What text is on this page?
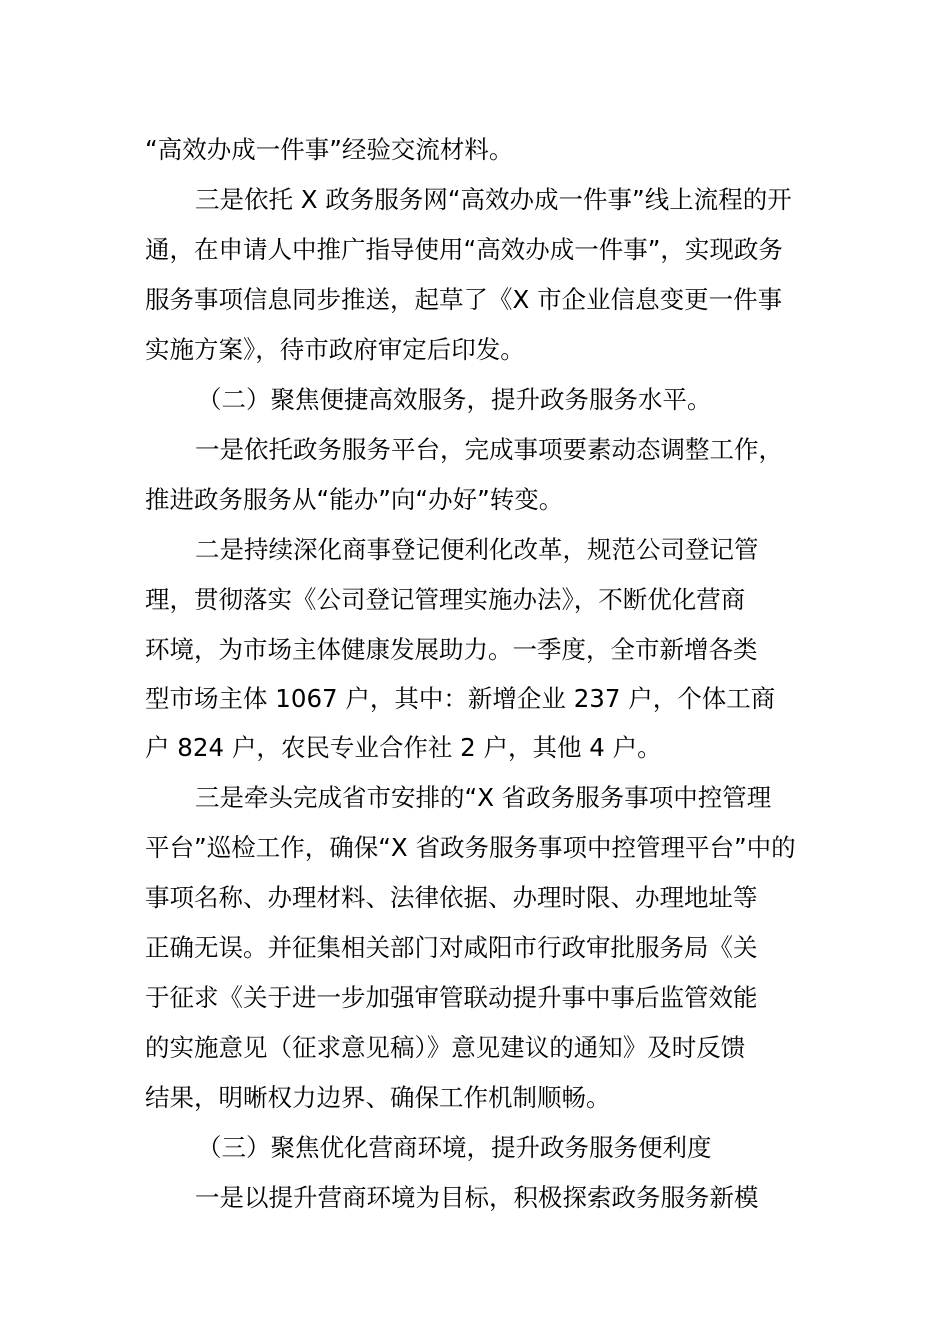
“高效办成一件事”经验交流材料。
三是依托 X 政务服务网“高效办成一件事”线上流程的开
通，在申请人中推广指导使用“高效办成一件事”，实现政务
服务事项信息同步推送，起草了《X 市企业信息变更一件事
实施方案》，待市政府审定后印发。
（二）聚焦便捷高效服务，提升政务服务水平。
一是依托政务服务平台，完成事项要素动态调整工作，
推进政务服务从“能办”向“办好”转变。
二是持续深化商事登记便利化改革，规范公司登记管
理，贯彻落实《公司登记管理实施办法》，不断优化营商
环境，为市场主体健康发展助力。一季度，全市新增各类
型市场主体 1067 户，其中：新增企业 237 户，个体工商
户 824 户，农民专业合作社 2 户，其他 4 户。
三是牵头完成省市安排的“X 省政务服务事项中控管理
平台”巡检工作，确保“X 省政务服务事项中控管理平台”中的
事项名称、办理材料、法律依据、办理时限、办理地址等
正确无误。并征集相关部门对咸阳市行政审批服务局《关
于征求《关于进一步加强审管联动提升事中事后监管效能
的实施意见（征求意见稿）》意见建议的通知》及时反馈
结果，明晰权力边界、确保工作机制顺畅。
（三）聚焦优化营商环境，提升政务服务便利度
一是以提升营商环境为目标，积极探索政务服务新模
